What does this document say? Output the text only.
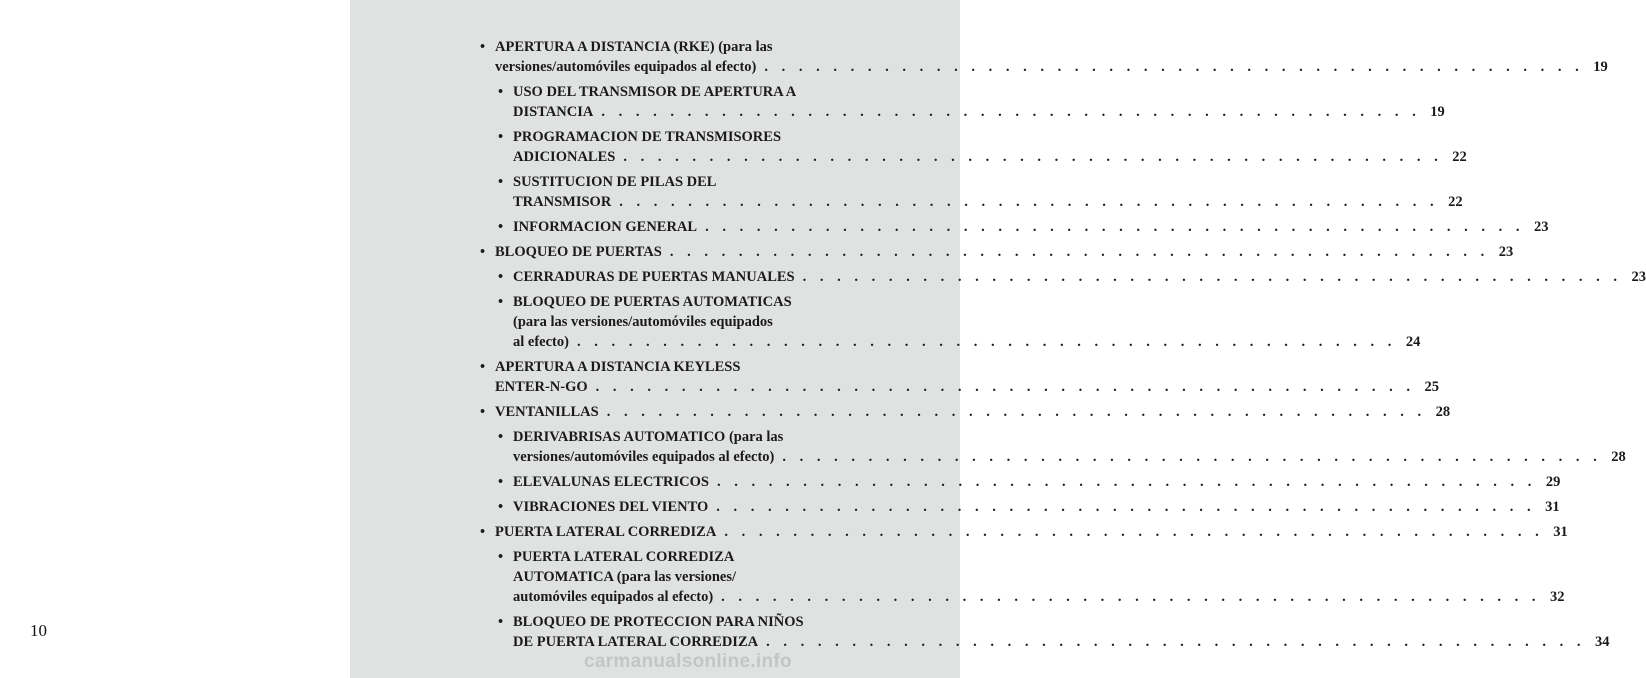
10
• APERTURA A DISTANCIA (RKE) (para las
versiones/automóviles equipados al efecto) . . . . . . . . . . . . . . . . . . . . . . . . . . . . . . . . . . . . . . . . . . . . . . . . 19
• USO DEL TRANSMISOR DE APERTURA A
DISTANCIA . . . . . . . . . . . . . . . . . . . . . . . . . . . . . . . . . . . . . . . . . . . . . . . . 19
• PROGRAMACION DE TRANSMISORES
ADICIONALES . . . . . . . . . . . . . . . . . . . . . . . . . . . . . . . . . . . . . . . . . . . . . . . . 22
• SUSTITUCION DE PILAS DEL
TRANSMISOR . . . . . . . . . . . . . . . . . . . . . . . . . . . . . . . . . . . . . . . . . . . . . . . . 22
• INFORMACION GENERAL . . . . . . . . . . . . . . . . . . . . . . . . . . . . . . . . . . . . . . . . . . . . . . . . 23
• BLOQUEO DE PUERTAS . . . . . . . . . . . . . . . . . . . . . . . . . . . . . . . . . . . . . . . . . . . . . . . . 23
• CERRADURAS DE PUERTAS MANUALES . . . . . . . . . . . . . . . . . . . . . . . . . . . . . . . . . . . . . . . . . . . . . . . . 23
• BLOQUEO DE PUERTAS AUTOMATICAS
(para las versiones/automóviles equipados
al efecto) . . . . . . . . . . . . . . . . . . . . . . . . . . . . . . . . . . . . . . . . . . . . . . . . 24
• APERTURA A DISTANCIA KEYLESS
ENTER-N-GO . . . . . . . . . . . . . . . . . . . . . . . . . . . . . . . . . . . . . . . . . . . . . . . . 25
• VENTANILLAS . . . . . . . . . . . . . . . . . . . . . . . . . . . . . . . . . . . . . . . . . . . . . . . . 28
• DERIVABRISAS AUTOMATICO (para las
versiones/automóviles equipados al efecto) . . . . . . . . . . . . . . . . . . . . . . . . . . . . . . . . . . . . . . . . . . . . . . . . 28
• ELEVALUNAS ELECTRICOS . . . . . . . . . . . . . . . . . . . . . . . . . . . . . . . . . . . . . . . . . . . . . . . . 29
• VIBRACIONES DEL VIENTO . . . . . . . . . . . . . . . . . . . . . . . . . . . . . . . . . . . . . . . . . . . . . . . . 31
• PUERTA LATERAL CORREDIZA . . . . . . . . . . . . . . . . . . . . . . . . . . . . . . . . . . . . . . . . . . . . . . . . 31
• PUERTA LATERAL CORREDIZA
AUTOMATICA (para las versiones/
automóviles equipados al efecto) . . . . . . . . . . . . . . . . . . . . . . . . . . . . . . . . . . . . . . . . . . . . . . . . 32
• BLOQUEO DE PROTECCION PARA NIÑOS
DE PUERTA LATERAL CORREDIZA . . . . . . . . . . . . . . . . . . . . . . . . . . . . . . . . . . . . . . . . . . . . . . . . 34
carmanualsonline.info
